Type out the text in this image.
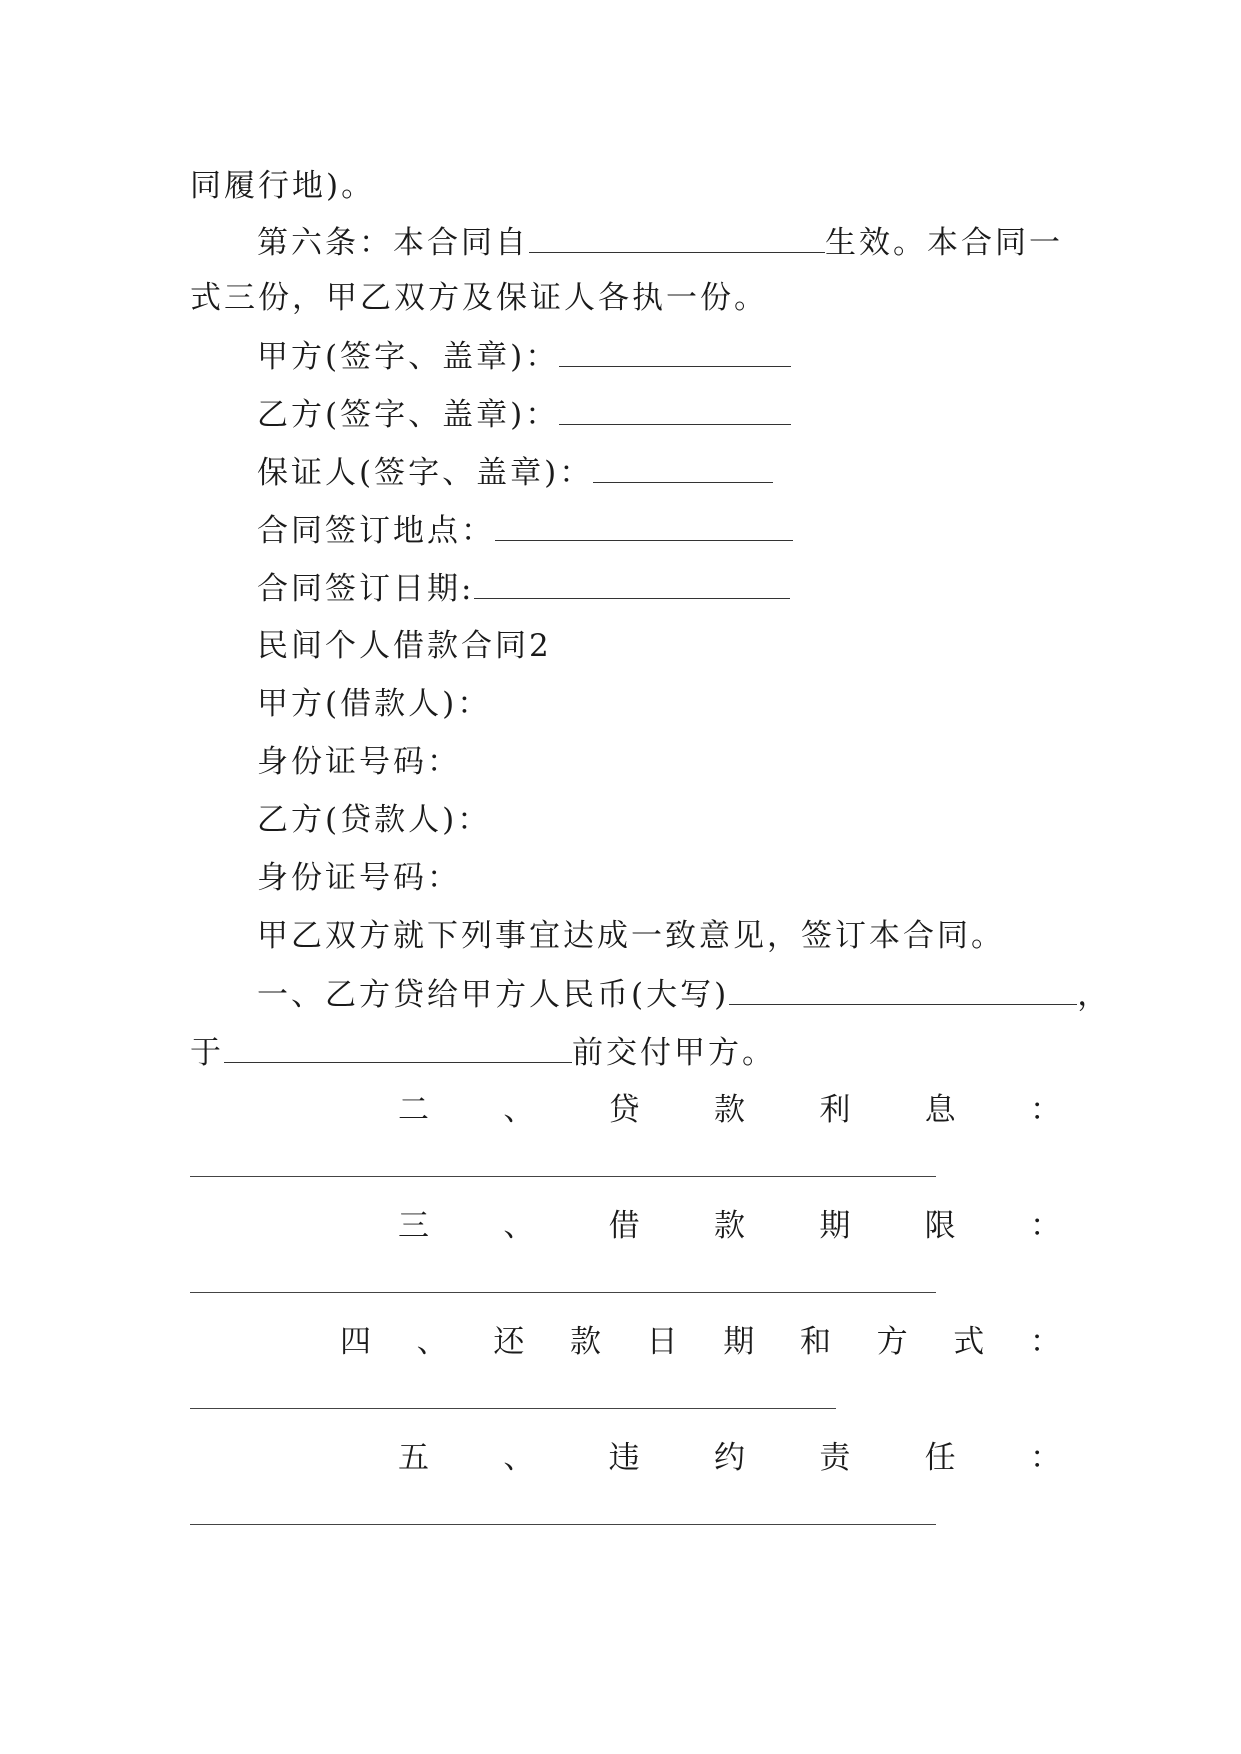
同履行地)。
第六条：本合同自	生效。本合同一
式三份，甲乙双方及保证人各执一份。
甲方(签字、盖章)：
乙方(签字、盖章)：
保证人(签字、盖章)：
合同签订地点：
合同签订日期:
民间个人借款合同2
甲方(借款人)：
身份证号码：
乙方(贷款人)：
身份证号码：
甲乙双方就下列事宜达成一致意见，签订本合同。
一、乙方贷给甲方人民币(大写)	，
于	前交付甲方。
二 、 贷 款 利 息 ：
三 、 借 款 期 限 ：
四 、 还 款 日 期 和 方 式 ：
五 、 违 约 责 任 ：
